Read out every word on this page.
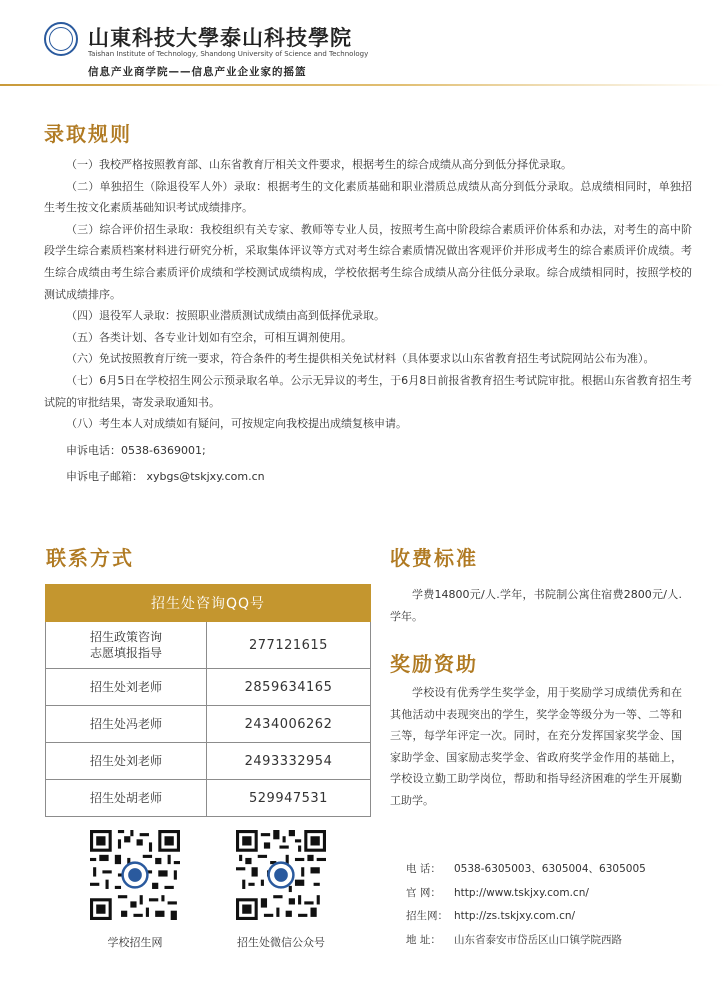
山東科技大學泰山科技學院
Taishan Institute of Technology, Shandong University of Science and Technology
信息产业商学院——信息产业企业家的摇篮
录取规则

（一）我校严格按照教育部、山东省教育厅相关文件要求，根据考生的综合成绩从高分到低分择优录取。

（二）单独招生（除退役军人外）录取：根据考生的文化素质基础和职业潜质总成绩从高分到低分录取。总成绩相同时，单独招生考生按文化素质基础知识考试成绩排序。

（三）综合评价招生录取：我校组织有关专家、教师等专业人员，按照考生高中阶段综合素质评价体系和办法，对考生的高中阶段学生综合素质档案材料进行研究分析，采取集体评议等方式对考生综合素质情况做出客观评价并形成考生的综合素质评价成绩。考生综合成绩由考生综合素质评价成绩和学校测试成绩构成，学校依据考生综合成绩从高分往低分录取。综合成绩相同时，按照学校的测试成绩排序。

（四）退役军人录取：按照职业潜质测试成绩由高到低择优录取。

（五）各类计划、各专业计划如有空余，可相互调剂使用。

（六）免试按照教育厅统一要求，符合条件的考生提供相关免试材料（具体要求以山东省教育招生考试院网站公布为准）。

（七）6月5日在学校招生网公示预录取名单。公示无异议的考生，于6月8日前报省教育招生考试院审批。根据山东省教育招生考试院的审批结果，寄发录取通知书。

（八）考生本人对成绩如有疑问，可按规定向我校提出成绩复核申请。

申诉电话：0538-6369001;

申诉电子邮箱： xybgs@tskjxy.com.cn

联系方式
招生处咨询QQ号	
招生政策咨询
志愿填报指导	277121615
招生处刘老师	2859634165
招生处冯老师	2434006262
招生处刘老师	2493332954
招生处胡老师	529947531
收费标准

学费14800元/人.学年，书院制公寓住宿费2800元/人.学年。

奖励资助

学校设有优秀学生奖学金，用于奖励学习成绩优秀和在其他活动中表现突出的学生，奖学金等级分为一等、二等和三等，每学年评定一次。同时，在充分发挥国家奖学金、国家助学金、国家励志奖学金、省政府奖学金作用的基础上，学校设立勤工助学岗位，帮助和指导经济困难的学生开展勤工助学。

学校招生网	招生处微信公众号
电 话：	0538-6305003、6305004、6305005
官 网：	http://www.tskjxy.com.cn/
招生网： http://zs.tskjxy.com.cn/
地 址：	山东省泰安市岱岳区山口镇学院西路
